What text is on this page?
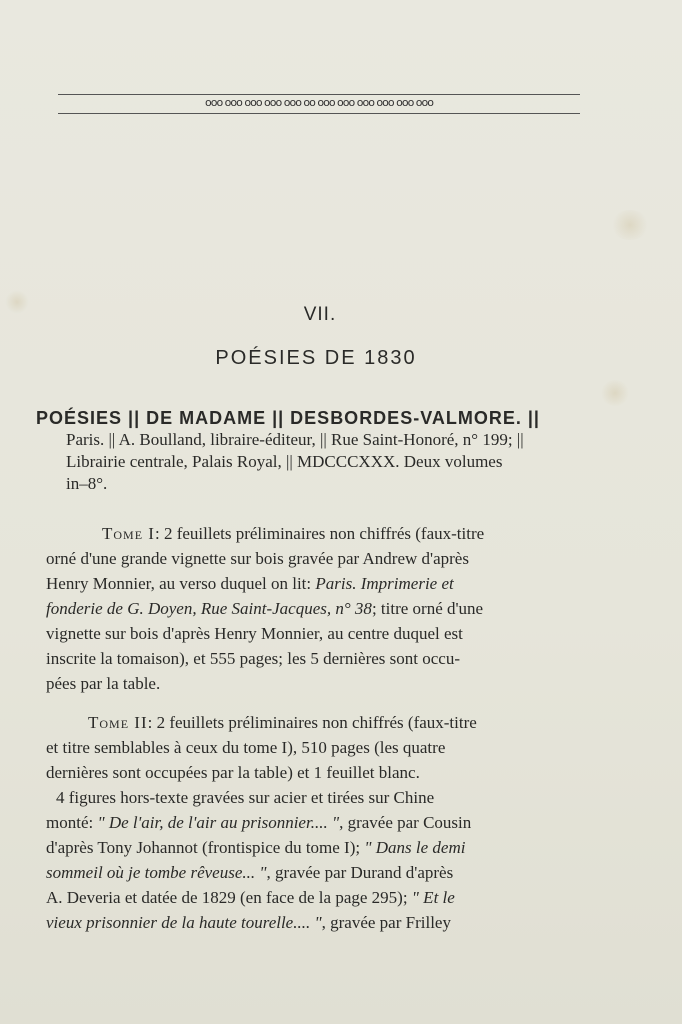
ooo ooo ooo ooo ooo oo ooo ooo ooo ooo ooo ooo
VII.
POÉSIES DE 1830
POÉSIES || DE MADAME || DESBORDES-VALMORE. ||
Paris. || A. Boulland, libraire-éditeur, || Rue Saint-Honoré, n° 199; ||
Librairie centrale, Palais Royal, || MDCCCXXX. Deux volumes
in–8°.
Tome I: 2 feuillets préliminaires non chiffrés (faux-titre
orné d'une grande vignette sur bois gravée par Andrew d'après
Henry Monnier, au verso duquel on lit: Paris. Imprimerie et
fonderie de G. Doyen, Rue Saint-Jacques, n° 38; titre orné d'une
vignette sur bois d'après Henry Monnier, au centre duquel est
inscrite la tomaison), et 555 pages; les 5 dernières sont occu-
pées par la table.
Tome II: 2 feuillets préliminaires non chiffrés (faux-titre
et titre semblables à ceux du tome I), 510 pages (les quatre
dernières sont occupées par la table) et 1 feuillet blanc.
4 figures hors-texte gravées sur acier et tirées sur Chine
monté: " De l'air, de l'air au prisonnier.... ", gravée par Cousin
d'après Tony Johannot (frontispice du tome I); " Dans le demi
sommeil où je tombe rêveuse... ", gravée par Durand d'après
A. Deveria et datée de 1829 (en face de la page 295); " Et le
vieux prisonnier de la haute tourelle.... ", gravée par Frilley
